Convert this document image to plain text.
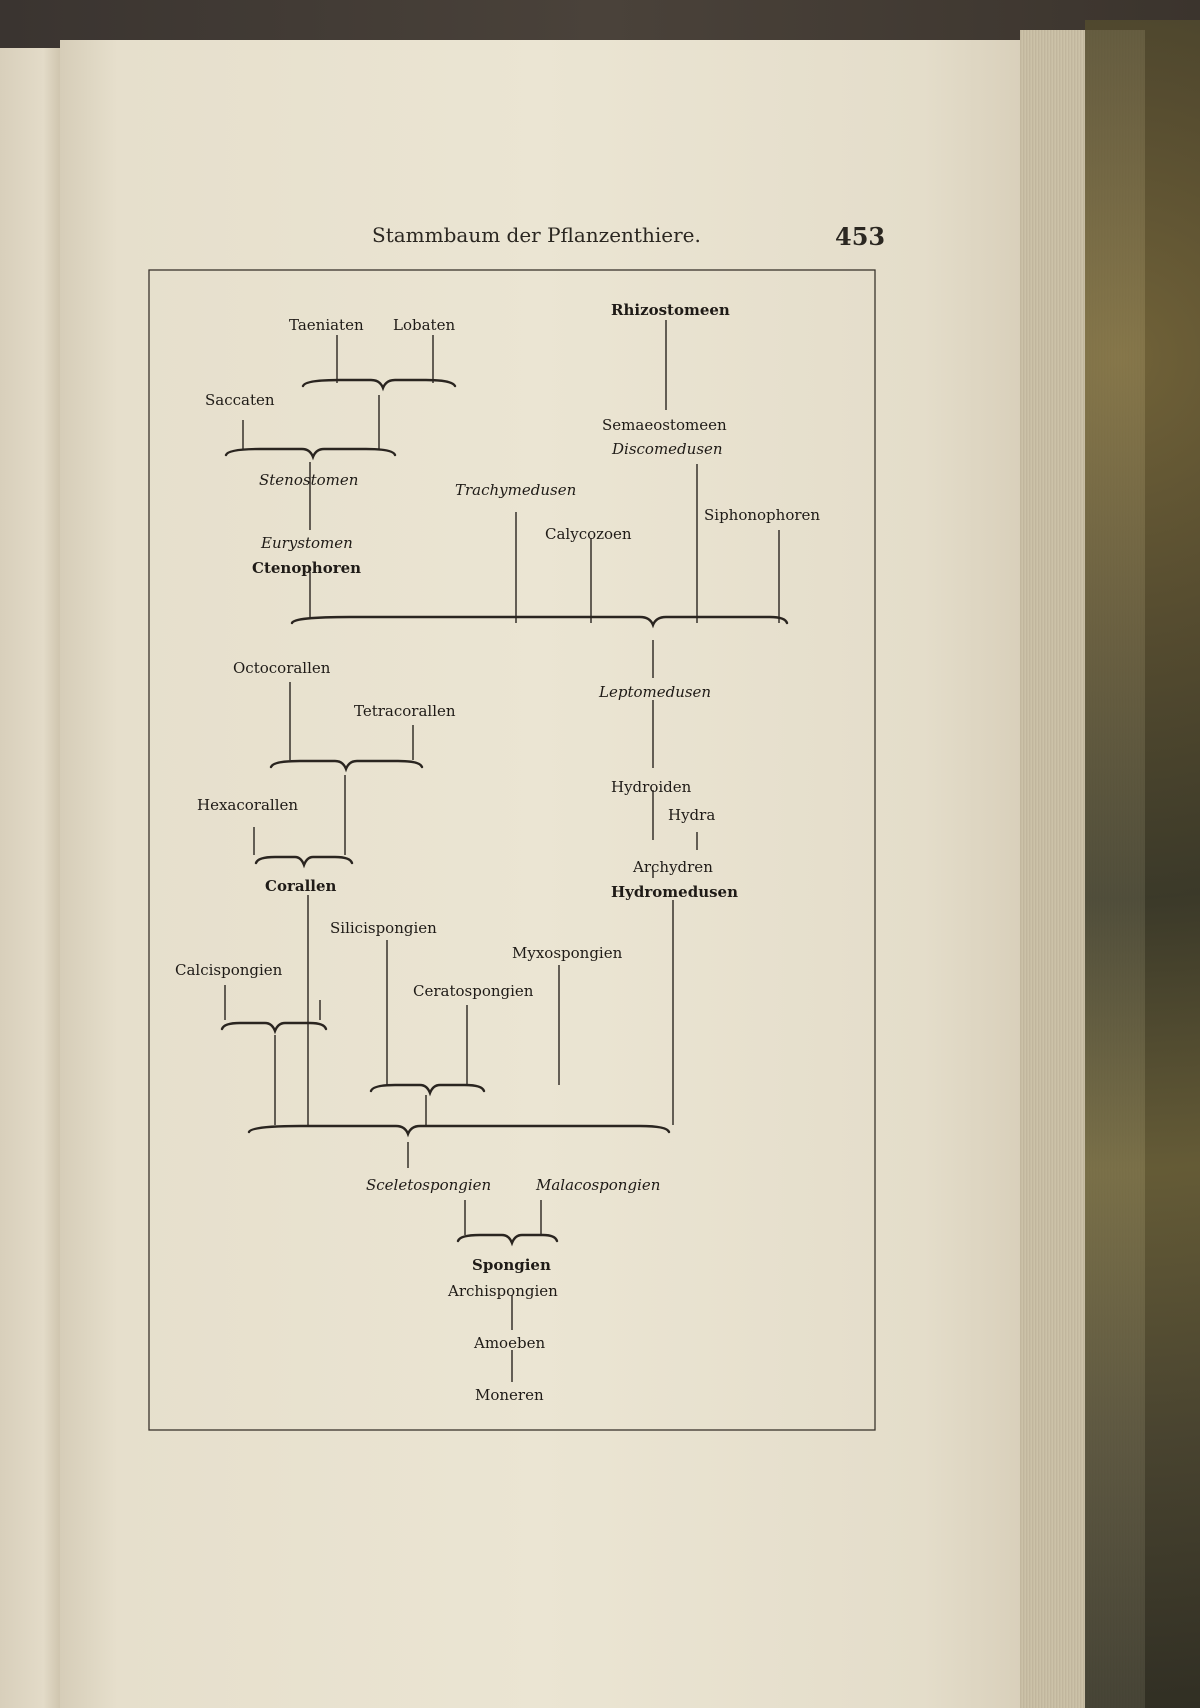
Stammbaum der Pflanzenthiere.	453
Rhizostomeen
Taeniaten Lobaten
Saccaten
Semaeostomeen
Discomedusen
Stenostomen
Trachymedusen
Siphonophoren
Calycozoen
Eurystomen
Ctenophoren
Octocorallen
Leptomedusen
Tetracorallen
Hydroiden
Hexacorallen
Hydra
Archydren
Corallen	Hydromedusen
Silicispongien
Myxospongien
Calcispongien
Ceratospongien
Sceletospongien	Malacospongien
Spongien
Archispongien
Amoeben
Moneren
